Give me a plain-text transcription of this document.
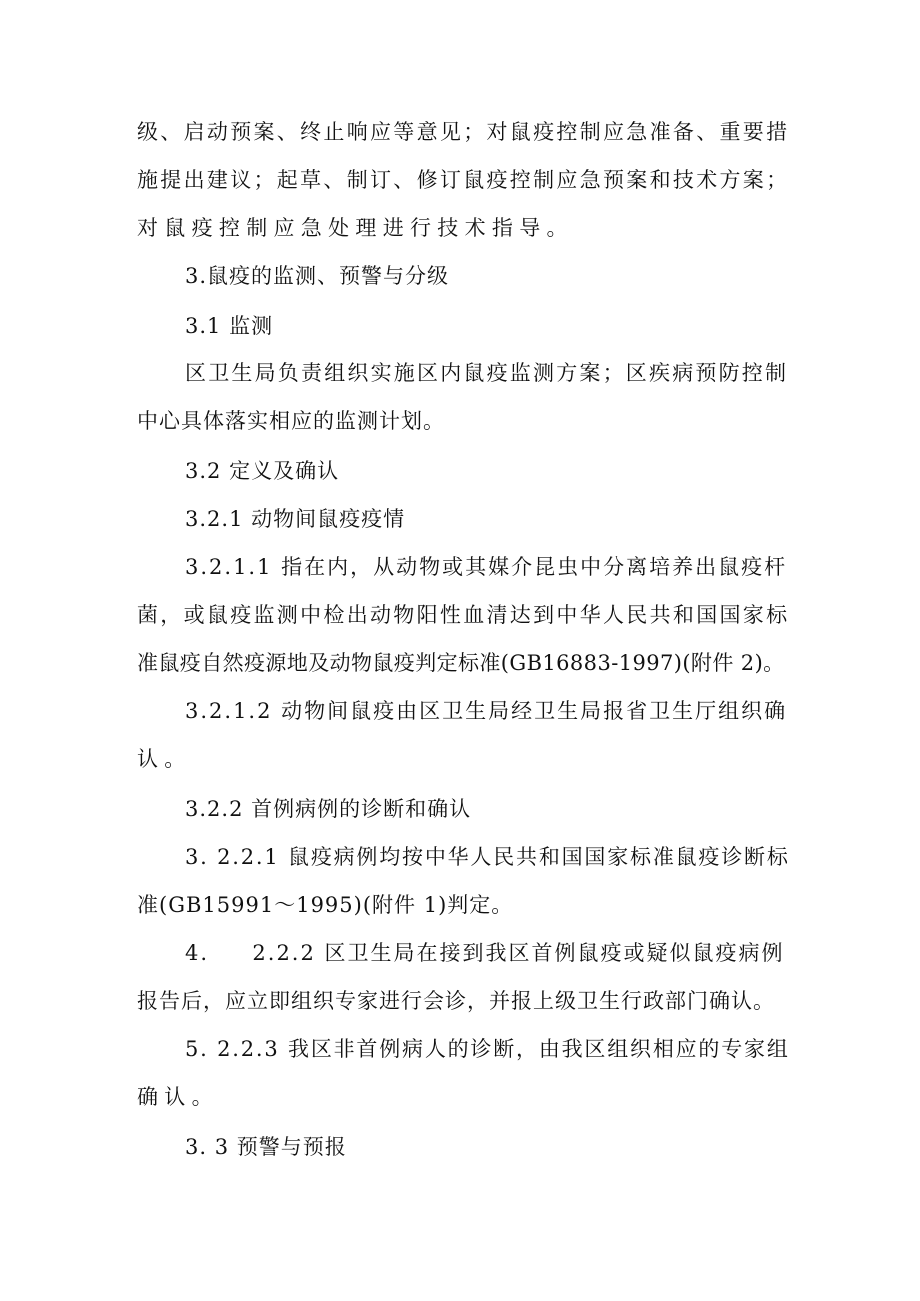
级、启动预案、终止响应等意见；对鼠疫控制应急准备、重要措
施提出建议；起草、制订、修订鼠疫控制应急预案和技术方案；
对鼠疫控制应急处理进行技术指导。
3.鼠疫的监测、预警与分级
3.1 监测
区卫生局负责组织实施区内鼠疫监测方案；区疾病预防控制
中心具体落实相应的监测计划。
3.2 定义及确认
3.2.1 动物间鼠疫疫情
3.2.1.1 指在内，从动物或其媒介昆虫中分离培养出鼠疫杆
菌，或鼠疫监测中检出动物阳性血清达到中华人民共和国国家标
准鼠疫自然疫源地及动物鼠疫判定标准(GB16883-1997)(附件 2)。
3.2.1.2 动物间鼠疫由区卫生局经卫生局报省卫生厅组织确
认。
3.2.2 首例病例的诊断和确认
3. 2.2.1 鼠疫病例均按中华人民共和国国家标准鼠疫诊断标
准(GB15991～1995)(附件 1)判定。
4.     2.2.2 区卫生局在接到我区首例鼠疫或疑似鼠疫病例
报告后，应立即组织专家进行会诊，并报上级卫生行政部门确认。
5. 2.2.3 我区非首例病人的诊断，由我区组织相应的专家组
确认。
3. 3 预警与预报
